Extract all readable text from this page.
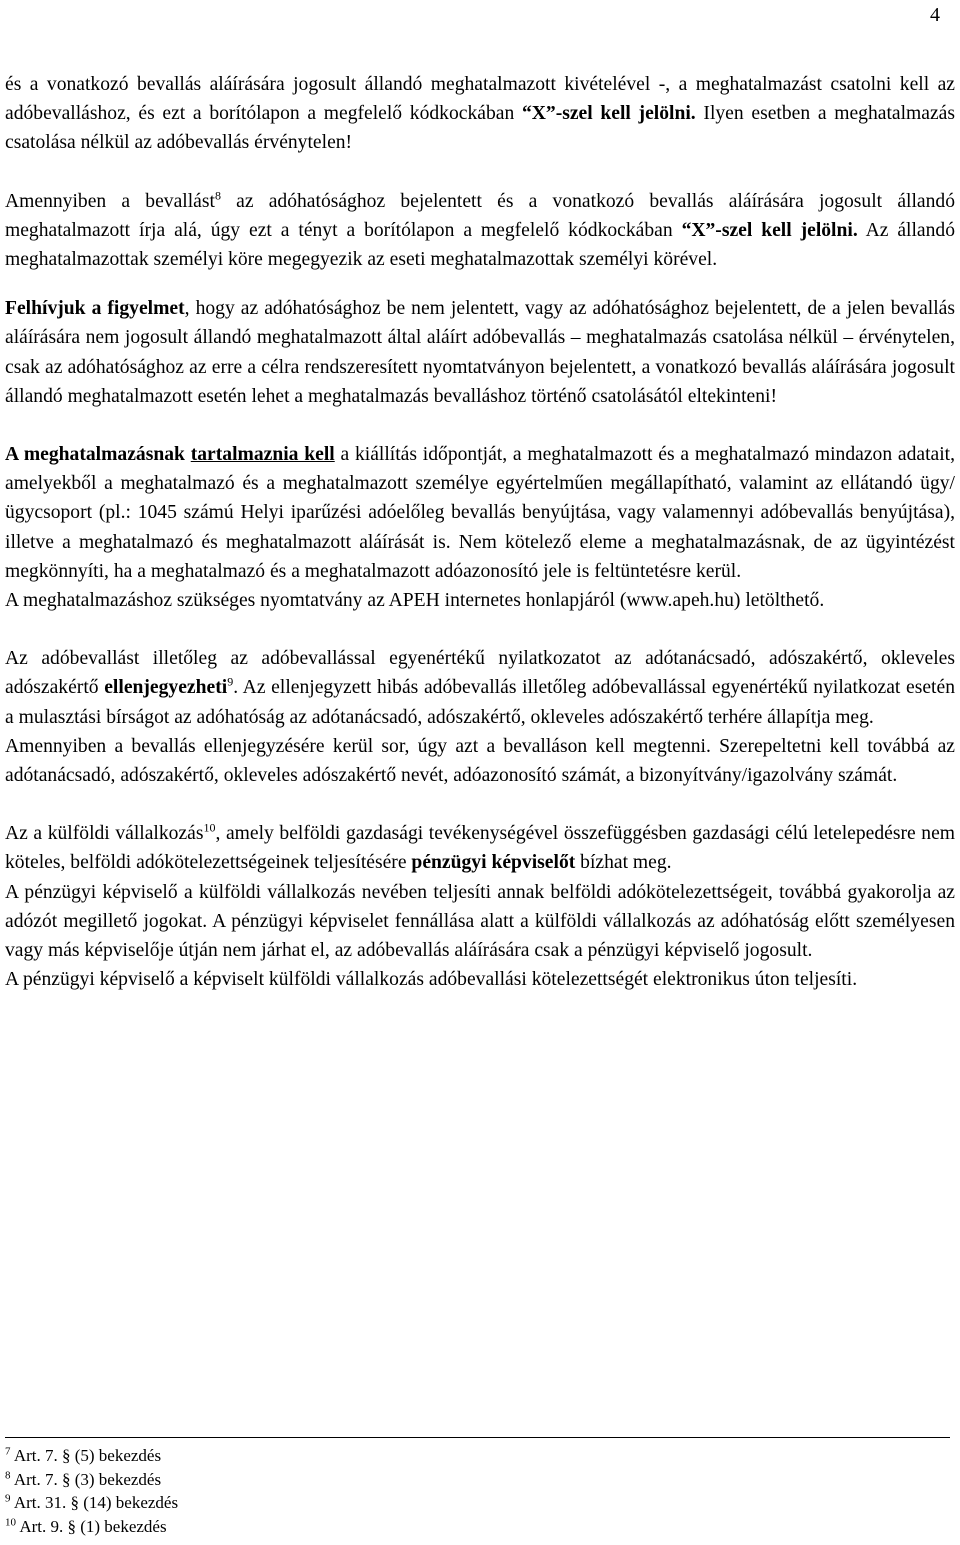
4

és a vonatkozó bevallás aláírására jogosult állandó meghatalmazott kivételével -, a meghatalmazást csatolni kell az adóbevalláshoz, és ezt a borítólapon a megfelelő kódkockában “X”-szel kell jelölni. Ilyen esetben a meghatalmazás csatolása nélkül az adóbevallás érvénytelen!

Amennyiben a bevallást$^8$ az adóhatósághoz bejelentett és a vonatkozó bevallás aláírására jogosult állandó meghatalmazott írja alá, úgy ezt a tényt a borítólapon a megfelelő kódkockában “X”-szel kell jelölni. Az állandó meghatalmazottak személyi köre megegyezik az eseti meghatalmazottak személyi körével.

Felhívjuk a figyelmet, hogy az adóhatósághoz be nem jelentett, vagy az adóhatósághoz bejelentett, de a jelen bevallás aláírására nem jogosult állandó meghatalmazott által aláírt adóbevallás – meghatalmazás csatolása nélkül – érvénytelen, csak az adóhatósághoz az erre a célra rendszeresített nyomtatványon bejelentett, a vonatkozó bevallás aláírására jogosult állandó meghatalmazott esetén lehet a meghatalmazás bevalláshoz történő csatolásától eltekinteni!

A meghatalmazásnak tartalmaznia kell a kiállítás időpontját, a meghatalmazott és a meghatalmazó mindazon adatait, amelyekből a meghatalmazó és a meghatalmazott személye egyértelműen megállapítható, valamint az ellátandó ügy/ügycsoport (pl.: 1045 számú Helyi iparűzési adóelőleg bevallás benyújtása, vagy valamennyi adóbevallás benyújtása), illetve a meghatalmazó és meghatalmazott aláírását is. Nem kötelező eleme a meghatalmazásnak, de az ügyintézést megkönnyíti, ha a meghatalmazó és a meghatalmazott adóazonosító jele is feltüntetésre kerül.

A meghatalmazáshoz szükséges nyomtatvány az APEH internetes honlapjáról (www.apeh.hu) letölthető.

Az adóbevallást illetőleg az adóbevallással egyenértékű nyilatkozatot az adótanácsadó, adószakértő, okleveles adószakértő ellenjegyezheti$^9$. Az ellenjegyzett hibás adóbevallás illetőleg adóbevallással egyenértékű nyilatkozat esetén a mulasztási bírságot az adóhatóság az adótanácsadó, adószakértő, okleveles adószakértő terhére állapítja meg.

Amennyiben a bevallás ellenjegyzésére kerül sor, úgy azt a bevalláson kell megtenni. Szerepeltetni kell továbbá az adótanácsadó, adószakértő, okleveles adószakértő nevét, adóazonosító számát, a bizonyítvány/igazolvány számát.

Az a külföldi vállalkozás$^{10}$, amely belföldi gazdasági tevékenységével összefüggésben gazdasági célú letelepedésre nem köteles, belföldi adókötelezettségeinek teljesítésére pénzügyi képviselőt bízhat meg.

A pénzügyi képviselő a külföldi vállalkozás nevében teljesíti annak belföldi adókötelezettségeit, továbbá gyakorolja az adózót megillető jogokat. A pénzügyi képviselet fennállása alatt a külföldi vállalkozás az adóhatóság előtt személyesen vagy más képviselője útján nem járhat el, az adóbevallás aláírására csak a pénzügyi képviselő jogosult.

A pénzügyi képviselő a képviselt külföldi vállalkozás adóbevallási kötelezettségét elektronikus úton teljesíti.

$^7$ Art. 7. § (5) bekezdés
$^8$ Art. 7. § (3) bekezdés
$^9$ Art. 31. § (14) bekezdés
$^{10}$ Art. 9. § (1) bekezdés
